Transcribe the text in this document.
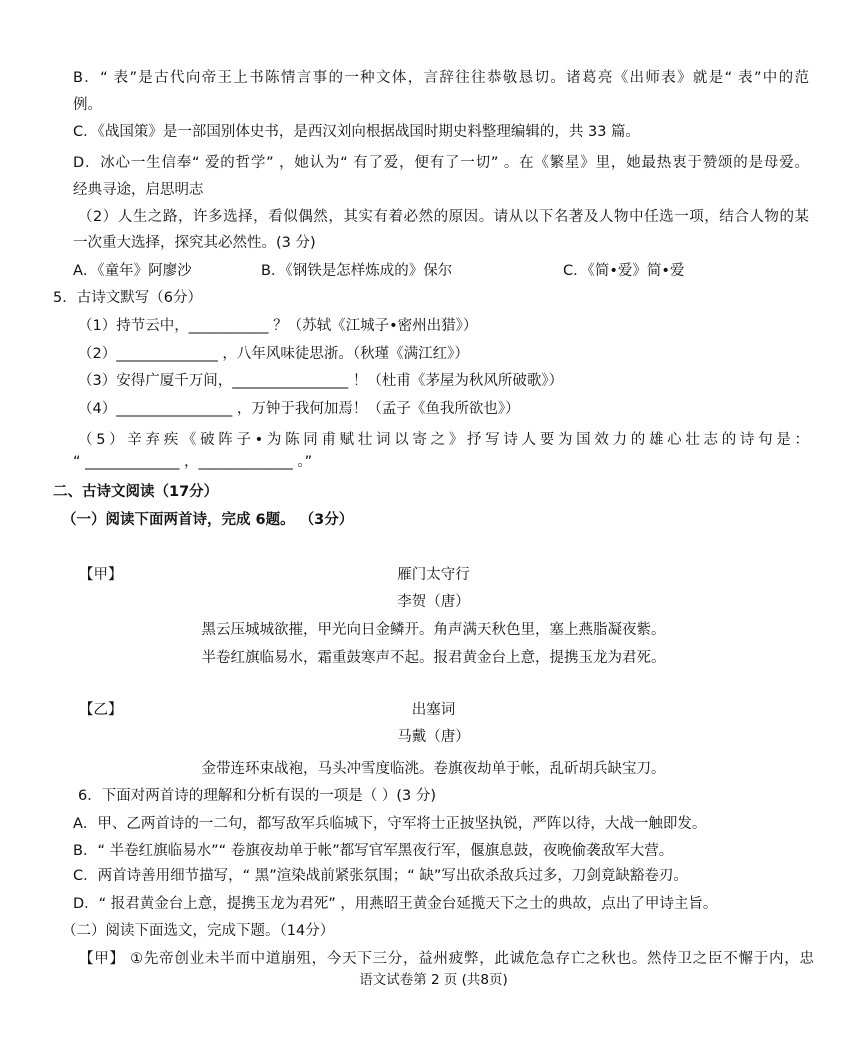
B．“ 表”是古代向帝王上书陈情言事的一种文体，言辞往往恭敬恳切。诸葛亮《出师表》就是“ 表”中的范
例。
C．《战国策》是一部国别体史书，是西汉刘向根据战国时期史料整理编辑的，共 33 篇。
D．冰心一生信奉“ 爱的哲学” ，她认为“ 有了爱，便有了一切” 。在《繁星》里，她最热衷于赞颂的是母爱。
经典寻途，启思明志
（2）人生之路，许多选择，看似偶然，其实有着必然的原因。请从以下名著及人物中任选一项，结合人物的某
一次重大选择，探究其必然性。(3 分)
A．《童年》阿廖沙	B．《钢铁是怎样炼成的》保尔	C．《简•爱》简•爱
5．古诗文默写（6分）
（1）持节云中，___________ ？（苏轼《江城子•密州出猎》）
（2）______________ ，八年风味徒思浙。（秋瑾《满江红》）
（3）安得广厦千万间，________________ ！（杜甫《茅屋为秋风所破歌》）
（4）________________ ，万钟于我何加焉！（孟子《鱼我所欲也》）
（5）辛弃疾《破阵子•为陈同甫赋壮词以寄之》抒写诗人要为国效力的雄心壮志的诗句是：
“ _____________ ，_____________ 。”
二、古诗文阅读（17分）
（一）阅读下面两首诗，完成 6题。 （3分）
【甲】	雁门太守行
李贺（唐）
黑云压城城欲摧，甲光向日金鳞开。角声满天秋色里，塞上燕脂凝夜紫。
半卷红旗临易水，霜重鼓寒声不起。报君黄金台上意，提携玉龙为君死。
【乙】	出塞词
马戴（唐）
金带连环束战袍，马头冲雪度临洮。卷旗夜劫单于帐，乱斫胡兵缺宝刀。
6．下面对两首诗的理解和分析有误的一项是（ ）(3 分)
A．甲、乙两首诗的一二句，都写敌军兵临城下，守军将士正披坚执锐，严阵以待，大战一触即发。
B．“ 半卷红旗临易水”“ 卷旗夜劫单于帐”都写官军黑夜行军，偃旗息鼓，夜晚偷袭敌军大营。
C．两首诗善用细节描写，“ 黑”渲染战前紧张氛围；“ 缺”写出砍杀敌兵过多，刀剑竟缺豁卷刃。
D．“ 报君黄金台上意，提携玉龙为君死” ，用燕昭王黄金台延揽天下之士的典故，点出了甲诗主旨。
（二）阅读下面选文，完成下题。（14分）
【甲】 ①先帝创业未半而中道崩殂，今天下三分，益州疲弊，此诚危急存亡之秋也。然侍卫之臣不懈于内，忠
语文试卷第 2 页 (共8页)
